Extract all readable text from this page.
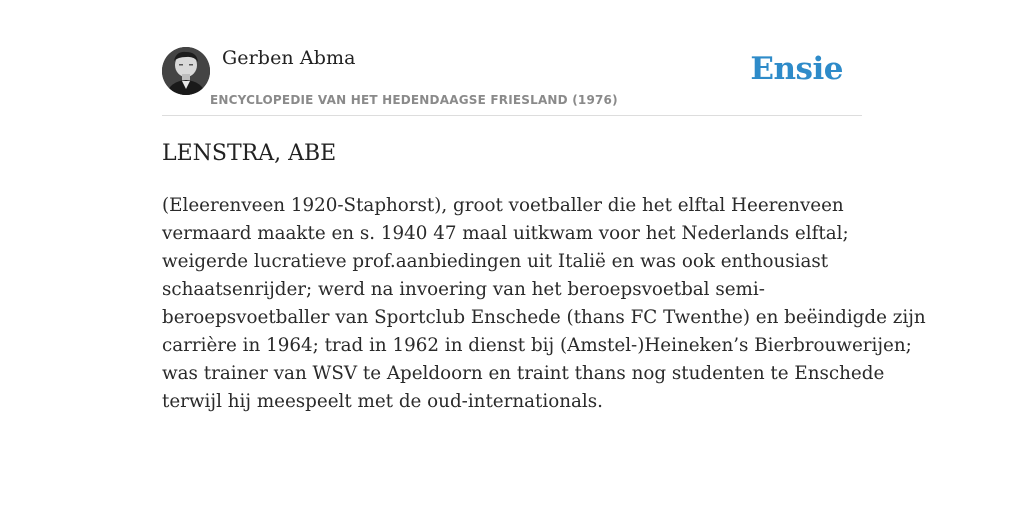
Gerben Abma
ENCYCLOPEDIE VAN HET HEDENDAAGSE FRIESLAND (1976)
Ensie
LENSTRA, ABE

(Eleerenveen 1920-Staphorst), groot voetballer die het elftal Heerenveen
vermaard maakte en s. 1940 47 maal uitkwam voor het Nederlands elftal;
weigerde lucratieve prof.aanbiedingen uit Italië en was ook enthousiast
schaatsenrijder; werd na invoering van het beroepsvoetbal semi-
beroepsvoetballer van Sportclub Enschede (thans FC Twenthe) en beëindigde zijn
carrière in 1964; trad in 1962 in dienst bij (Amstel-)Heineken’s Bierbrouwerijen;
was trainer van WSV te Apeldoorn en traint thans nog studenten te Enschede
terwijl hij meespeelt met de oud-internationals.
